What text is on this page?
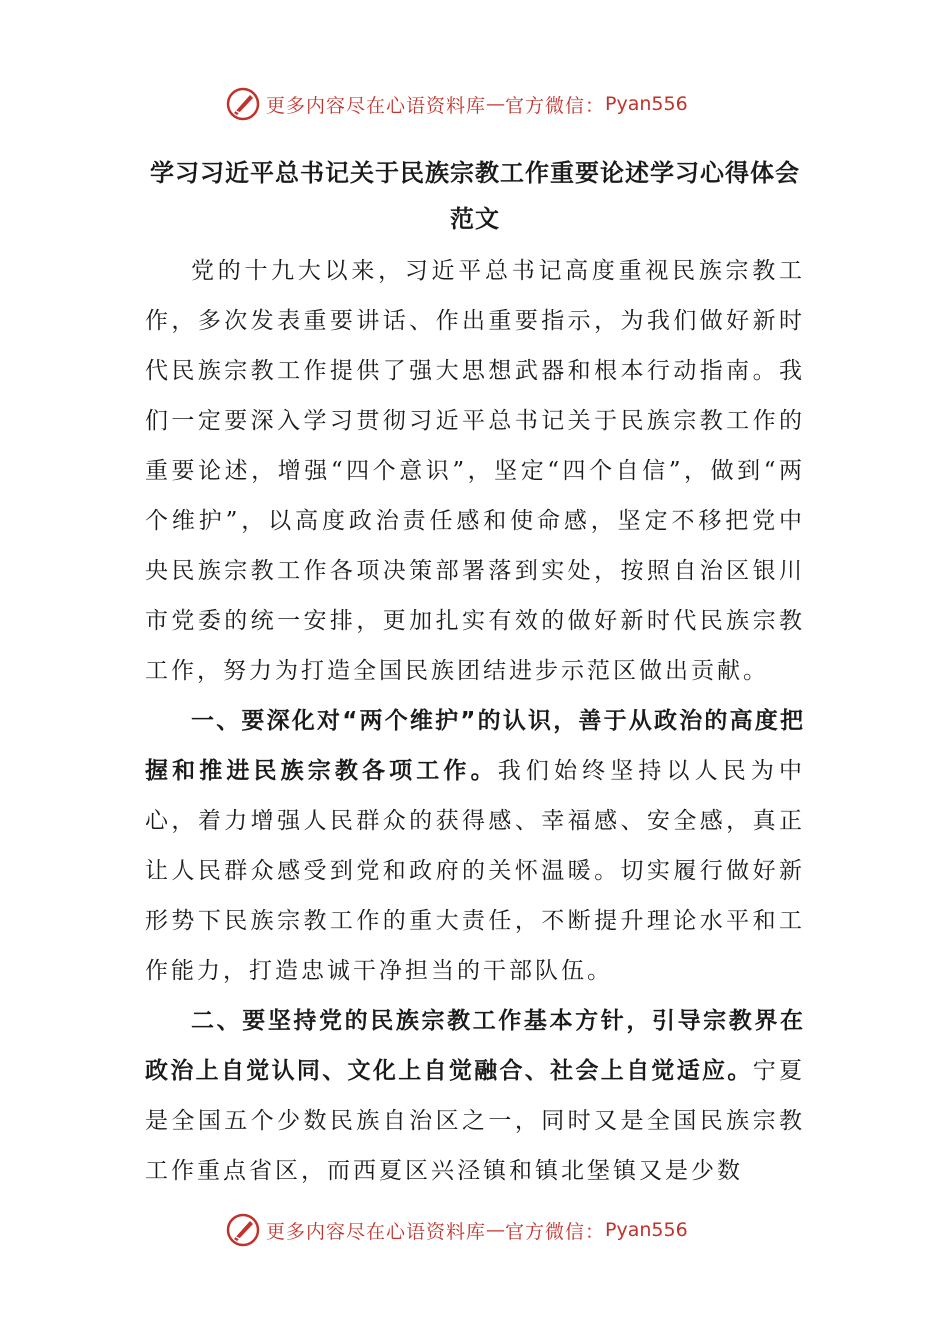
更多内容尽在心语资料库 — 官方微信： Pyan556
学习习近平总书记关于民族宗教工作重要论述学习心得体会范文

党的十九大以来，习近平总书记高度重视民族宗教工作，多次发表重要讲话、作出重要指示，为我们做好新时代民族宗教工作提供了强大思想武器和根本行动指南。我们一定要深入学习贯彻习近平总书记关于民族宗教工作的重要论述，增强“四个意识”，坚定“四个自信”，做到“两个维护”，以高度政治责任感和使命感，坚定不移把党中央民族宗教工作各项决策部署落到实处，按照自治区银川市党委的统一安排，更加扎实有效的做好新时代民族宗教工作，努力为打造全国民族团结进步示范区做出贡献。

一、要深化对“两个维护”的认识，善于从政治的高度把握和推进民族宗教各项工作。我们始终坚持以人民为中心，着力增强人民群众的获得感、幸福感、安全感，真正让人民群众感受到党和政府的关怀温暖。切实履行做好新形势下民族宗教工作的重大责任，不断提升理论水平和工作能力，打造忠诚干净担当的干部队伍。

二、要坚持党的民族宗教工作基本方针，引导宗教界在政治上自觉认同、文化上自觉融合、社会上自觉适应。宁夏是全国五个少数民族自治区之一，同时又是全国民族宗教工作重点省区，而西夏区兴泾镇和镇北堡镇又是少数

更多内容尽在心语资料库 — 官方微信： Pyan556
